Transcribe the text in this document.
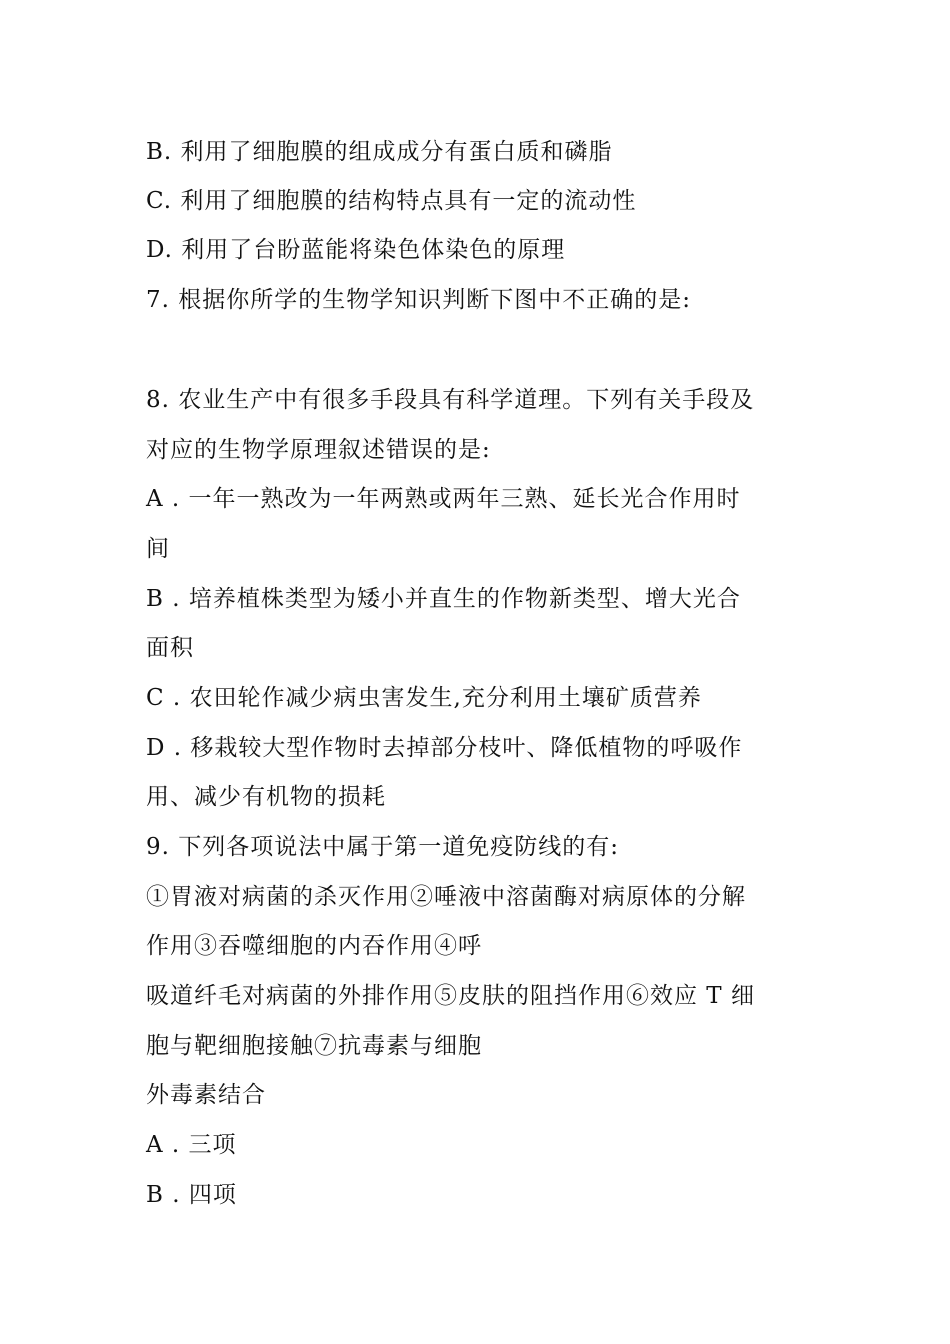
B. 利用了细胞膜的组成成分有蛋白质和磷脂
C. 利用了细胞膜的结构特点具有一定的流动性
D. 利用了台盼蓝能将染色体染色的原理
7. 根据你所学的生物学知识判断下图中不正确的是:
8. 农业生产中有很多手段具有科学道理。下列有关手段及
对应的生物学原理叙述错误的是:
A . 一年一熟改为一年两熟或两年三熟、延长光合作用时
间
B . 培养植株类型为矮小并直生的作物新类型、增大光合
面积
C . 农田轮作减少病虫害发生,充分利用土壤矿质营养
D . 移栽较大型作物时去掉部分枝叶、降低植物的呼吸作
用、减少有机物的损耗
9. 下列各项说法中属于第一道免疫防线的有:
①胃液对病菌的杀灭作用②唾液中溶菌酶对病原体的分解
作用③吞噬细胞的内吞作用④呼
吸道纤毛对病菌的外排作用⑤皮肤的阻挡作用⑥效应 T 细
胞与靶细胞接触⑦抗毒素与细胞
外毒素结合
A . 三项
B . 四项
